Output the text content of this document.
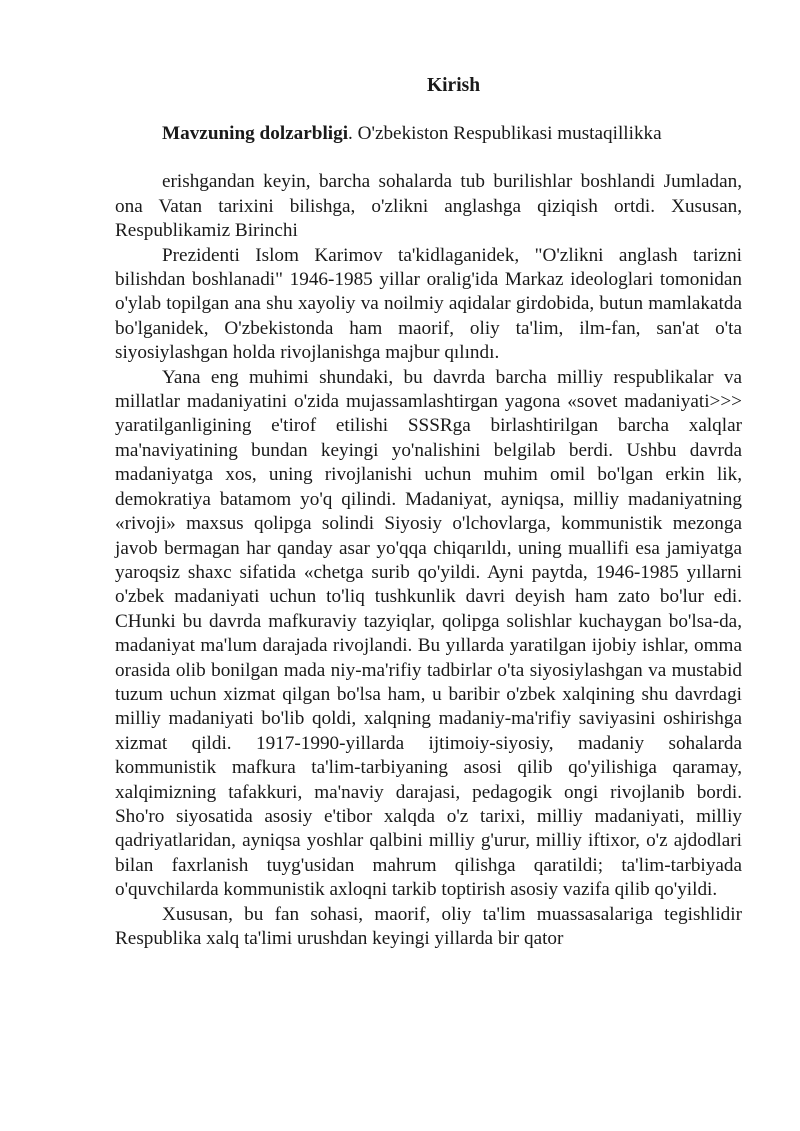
Kirish
Mavzuning dolzarbligi. O'zbekiston Respublikasi mustaqillikka

erishgandan keyin, barcha sohalarda tub burilishlar boshlandi Jumladan, ona Vatan tarixini bilishga, o'zlikni anglashga qiziqish ortdi. Xususan, Respublikamiz Birinchi

Prezidenti Islom Karimov ta'kidlaganidek, "O'zlikni anglash tarizni bilishdan boshlanadi" 1946-1985 yillar oralig'ida Markaz ideologlari tomonidan o'ylab topilgan ana shu xayoliy va noilmiy aqidalar girdobida, butun mamlakatda bo'lganidek, O'zbekistonda ham maorif, oliy ta'lim, ilm-fan, san'at o'ta siyosiylashgan holda rivojlanishga majbur qılındı.

Yana eng muhimi shundaki, bu davrda barcha milliy respublikalar va millatlar madaniyatini o'zida mujassamlashtirgan yagona «sovet madaniyati>>> yaratilganligining e'tirof etilishi SSSRga birlashtirilgan barcha xalqlar ma'naviyatining bundan keyingi yo'nalishini belgilab berdi. Ushbu davrda madaniyatga xos, uning rivojlanishi uchun muhim omil bo'lgan erkin lik, demokratiya batamom yo'q qilindi. Madaniyat, ayniqsa, milliy madaniyatning «rivoji» maxsus qolipga solindi Siyosiy o'lchovlarga, kommunistik mezonga javob bermagan har qanday asar yo'qqa chiqarıldı, uning muallifi esa jamiyatga yaroqsiz shaxc sifatida «chetga surib qo'yildi. Ayni paytda, 1946-1985 yıllarni o'zbek madaniyati uchun to'liq tushkunlik davri deyish ham zato bo'lur edi. CHunki bu davrda mafkuraviy tazyiqlar, qolipga solishlar kuchaygan bo'lsa-da, madaniyat ma'lum darajada rivojlandi. Bu yıllarda yaratilgan ijobiy ishlar, omma orasida olib bonilgan mada niy-ma'rifiy tadbirlar o'ta siyosiylashgan va mustabid tuzum uchun xizmat qilgan bo'lsa ham, u baribir o'zbek xalqining shu davrdagi milliy madaniyati bo'lib qoldi, xalqning madaniy-ma'rifiy saviyasini oshirishga xizmat qildi. 1917-1990-yillarda ijtimoiy-siyosiy, madaniy sohalarda kommunistik mafkura ta'lim-tarbiyaning asosi qilib qo'yilishiga qaramay, xalqimizning tafakkuri, ma'naviy darajasi, pedagogik ongi rivojlanib bordi. Sho'ro siyosatida asosiy e'tibor xalqda o'z tarixi, milliy madaniyati, milliy qadriyatlaridan, ayniqsa yoshlar qalbini milliy g'urur, milliy iftixor, o'z ajdodlari bilan faxrlanish tuyg'usidan mahrum qilishga qaratildi; ta'lim-tarbiyada o'quvchilarda kommunistik axloqni tarkib toptirish asosiy vazifa qilib qo'yildi.

Xususan, bu fan sohasi, maorif, oliy ta'lim muassasalariga tegishlidir Respublika xalq ta'limi urushdan keyingi yillarda bir qator
